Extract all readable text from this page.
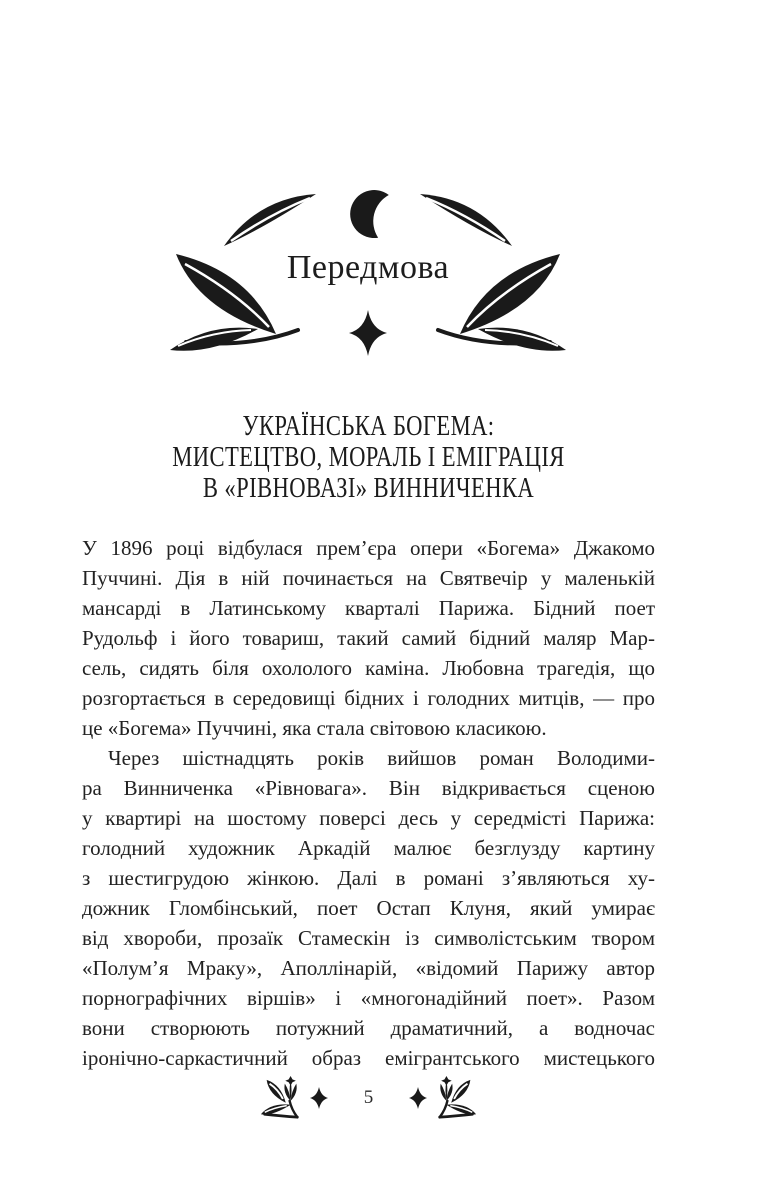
Передмова
УКРАЇНСЬКА БОГЕМА:
МИСТЕЦТВО, МОРАЛЬ І ЕМІГРАЦІЯ
В «РІВНОВАЗІ» ВИННИЧЕНКА
У 1896 році відбулася прем’єра опери «Богема» Джакомо
Пуччині. Дія в ній починається на Святвечір у маленькій
мансарді в Латинському кварталі Парижа. Бідний поет
Рудольф і його товариш, такий самий бідний маляр Мар-
сель, сидять біля охололого каміна. Любовна трагедія, що
розгортається в середовищі бідних і голодних митців, — про
це «Богема» Пуччині, яка стала світовою класикою.
Через шістнадцять років вийшов роман Володими-
ра Винниченка «Рівновага». Він відкривається сценою
у квартирі на шостому поверсі десь у середмісті Парижа:
голодний художник Аркадій малює безглузду картину
з шестигрудою жінкою. Далі в романі з’являються ху-
дожник Гломбінський, поет Остап Клуня, який умирає
від хвороби, прозаїк Стамескін із символістським твором
«Полум’я Мраку», Аполлінарій, «відомий Парижу автор
порнографічних віршів» і «многонадійний поет». Разом
вони створюють потужний драматичний, а водночас
іронічно-саркастичний образ емігрантського мистецького
5
